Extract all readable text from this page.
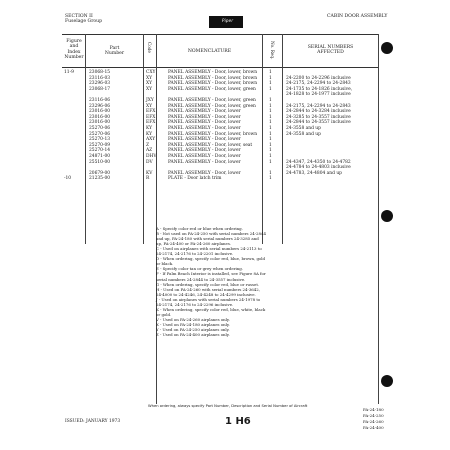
SECTION II
Fuselage Group	Piper
CABIN DOOR ASSEMBLY
Figure
and
Index
Number
Part
Number
Code	NOMENCLATURE	No. Req.	SERIAL NUMBERS
AFFECTED
11-9	23068-15	CXY	PANEL ASSEMBLY - Door, lower, brown	1
23116-03	XY	PANEL ASSEMBLY - Door, lower, brown	1	24-2200 to 24-2296 inclusive
23296-03	XY	PANEL ASSEMBLY - Door, lower, brown	1	24-2175, 24-2294 to 24-2843
23068-17	XY	PANEL ASSEMBLY - Door, lower, green	1	24-1735 to 24-1826 inclusive,
24-1828 to 24-1977 inclusive
23116-06	JXY	PANEL ASSEMBLY - Door, lower, green	1
23296-06	XY	PANEL ASSEMBLY - Door, lower, green	1	24-2175, 24-2294 to 24-2843
23016-00	EFX	PANEL ASSEMBLY - Door, lower	1	24-2844 to 24-3284 inclusive
23016-00	EFX	PANEL ASSEMBLY - Door, lower	1	24-3285 to 24-3557 inclusive
23016-00	EFX	PANEL ASSEMBLY - Door, lower	1	24-2844 to 24-3557 inclusive
25270-06	KY	PANEL ASSEMBLY - Door, lower	1	24-3558 and up
25270-06	KY	PANEL ASSEMBLY - Door, lower, brown	1	24-3558 and up
25270-13	AXY	PANEL ASSEMBLY - Door, lower	1
25270-09	Z	PANEL ASSEMBLY - Door, lower, seat	1
25270-14	AZ	PANEL ASSEMBLY - Door, lower	1
24871-00	DHV	PANEL ASSEMBLY - Door, lower	1
25510-00	DV	PANEL ASSEMBLY - Door, lower	1	24-4347, 24-4350 to 24-4782
24-4784 to 24-4803 inclusive
20679-00	KV	PANEL ASSEMBLY - Door, lower	1	24-4783, 24-4804 and up
-10	21235-00	R	PLATE - Door latch trim	1
A - Specify color red or blue when ordering.
B - Not used on PA-24-250 with serial numbers 24-2844
and up, PA-24-180 with serial numbers 24-3285 and
up, PA-24-400 or PA-24-260 airplanes.
C - Used on airplanes with serial numbers 24-2113 to
24-2174, 24-2176 to 24-2201 inclusive.
D - When ordering, specify color red, blue, brown, gold
or black.
E - Specify color tan or grey when ordering.
F - If Palm Beach Interior is installed, see Figure 8A for
serial numbers 24-2844 to 24-3557 inclusive.
G - When ordering, specify color red, blue or russet.
H - Used on PA-24-260 with serial numbers 24-3642,
24-4000 to 24-4246, 24-4248 to 24-4299 inclusive.
J - Used on airplanes with serial numbers 24-1978 to
24-2174, 24-2176 to 24-2296 inclusive.
K - When ordering, specify color red, blue, white, black
or gold.
V - Used on PA-24-260 airplanes only.
X - Used on PA-24-180 airplanes only.
Y - Used on PA-24-250 airplanes only.
Z - Used on PA-24-400 airplanes only.
When ordering, always specify Part Number, Description and Serial Number of Aircraft
ISSUED: JANUARY 1973	1 H6
PA-24-180
PA-24-250
PA-24-260
PA-24-400
